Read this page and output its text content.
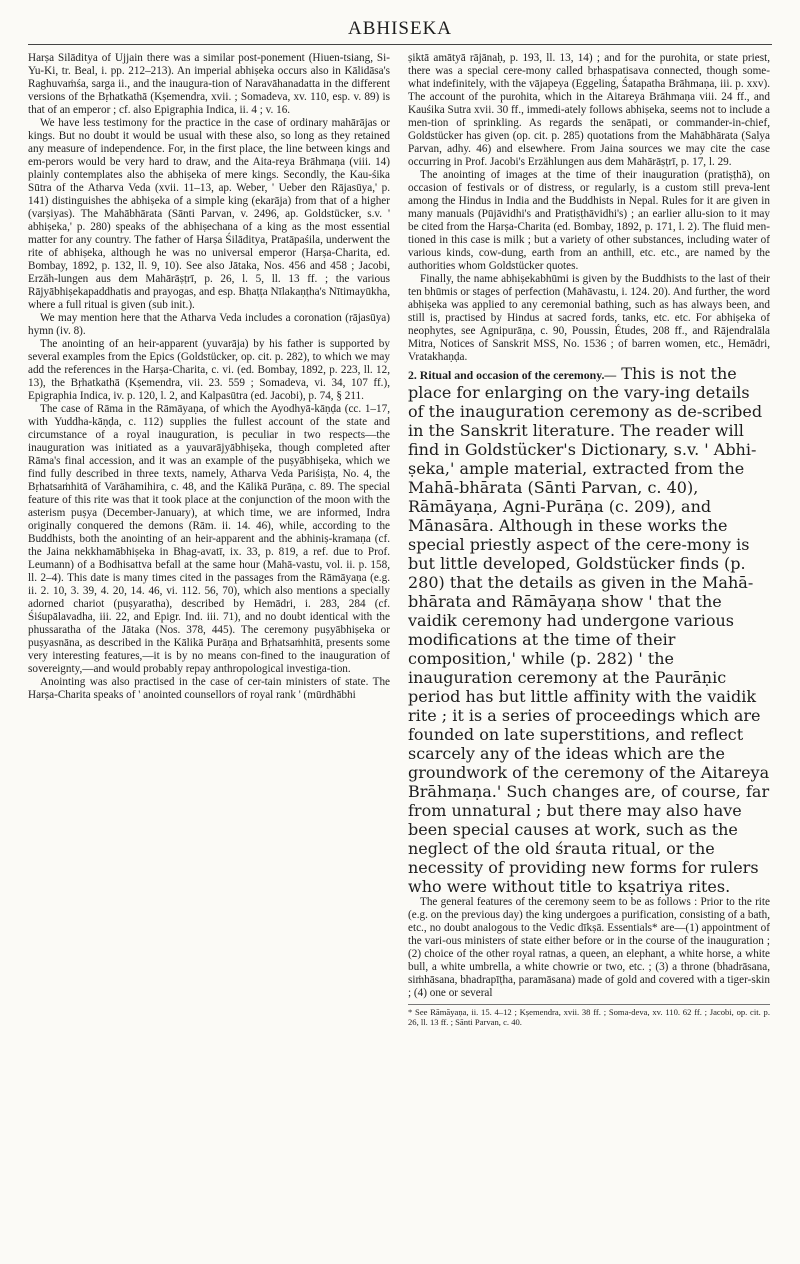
ABHISEKA

Harṣa Silāditya of Ujjain there was a similar post-ponement (Hiuen-tsiang, Si-Yu-Ki, tr. Beal, i. pp. 212–213). An imperial abhiṣeka occurs also in Kālidāsa's Raghuvaṁśa, sarga ii., and the inaugura-tion of Naravāhanadatta in the different versions of the Bṛhatkathā (Kṣemendra, xvii. ; Somadeva, xv. 110, esp. v. 89) is that of an emperor ; cf. also Epigraphia Indica, ii. 4 ; v. 16.

We have less testimony for the practice in the case of ordinary mahārājas or kings. But no doubt it would be usual with these also, so long as they retained any measure of independence. For, in the first place, the line between kings and em-perors would be very hard to draw, and the Aita-reya Brāhmaṇa (viii. 14) plainly contemplates also the abhiṣeka of mere kings. Secondly, the Kau-śika Sūtra of the Atharva Veda (xvii. 11–13, ap. Weber, ' Ueber den Rājasūya,' p. 141) distinguishes the abhiṣeka of a simple king (ekarāja) from that of a higher (varṣiyas). The Mahābhārata (Sānti Parvan, v. 2496, ap. Goldstücker, s.v. ' abhiṣeka,' p. 280) speaks of the abhiṣechana of a king as the most essential matter for any country. The father of Harṣa Śilāditya, Pratāpaśila, underwent the rite of abhiṣeka, although he was no universal emperor (Harṣa-Charita, ed. Bombay, 1892, p. 132, ll. 9, 10). See also Jātaka, Nos. 456 and 458 ; Jacobi, Erzäh-lungen aus dem Mahārāṣṭrī, p. 26, l. 5, ll. 13 ff. ; the various Rājyābhiṣekapaddhatis and prayogas, and esp. Bhaṭṭa Nīlakaṇṭha's Nītimayūkha, where a full ritual is given (sub init.).

We may mention here that the Atharva Veda includes a coronation (rājasūya) hymn (iv. 8).

The anointing of an heir-apparent (yuvarāja) by his father is supported by several examples from the Epics (Goldstücker, op. cit. p. 282), to which we may add the references in the Harṣa-Charita, c. vi. (ed. Bombay, 1892, p. 223, ll. 12, 13), the Bṛhatkathā (Kṣemendra, vii. 23. 559 ; Somadeva, vi. 34, 107 ff.), Epigraphia Indica, iv. p. 120, l. 2, and Kalpasūtra (ed. Jacobi), p. 74, § 211.

The case of Rāma in the Rāmāyaṇa, of which the Ayodhyā-kāṇḍa (cc. 1–17, with Yuddha-kāṇḍa, c. 112) supplies the fullest account of the state and circumstance of a royal inauguration, is peculiar in two respects—the inauguration was initiated as a yauvarājyābhiṣeka, though completed after Rāma's final accession, and it was an example of the puṣyābhiṣeka, which we find fully described in three texts, namely, Atharva Veda Pariśiṣṭa, No. 4, the Bṛhatsaṁhitā of Varāhamihira, c. 48, and the Kālikā Purāṇa, c. 89. The special feature of this rite was that it took place at the conjunction of the moon with the asterism puṣya (December-January), at which time, we are informed, Indra originally conquered the demons (Rām. ii. 14. 46), while, according to the Buddhists, both the anointing of an heir-apparent and the abhiniṣ-kramaṇa (cf. the Jaina nekkhamābhiṣeka in Bhag-avatī, ix. 33, p. 819, a ref. due to Prof. Leumann) of a Bodhisattva befall at the same hour (Mahā-vastu, vol. ii. p. 158, ll. 2–4). This date is many times cited in the passages from the Rāmāyaṇa (e.g. ii. 2. 10, 3. 39, 4. 20, 14. 46, vi. 112. 56, 70), which also mentions a specially adorned chariot (puṣyaratha), described by Hemādri, i. 283, 284 (cf. Śiśupālavadha, iii. 22, and Epigr. Ind. iii. 71), and no doubt identical with the phussaratha of the Jātaka (Nos. 378, 445). The ceremony puṣyābhiṣeka or puṣyasnāna, as described in the Kālikā Purāṇa and Bṛhatsaṁhitā, presents some very interesting features,—it is by no means con-fined to the inauguration of sovereignty,—and would probably repay anthropological investiga-tion.

Anointing was also practised in the case of cer-tain ministers of state. The Harṣa-Charita speaks of ' anointed counsellors of royal rank ' (mūrdhābhi

ṣiktā amātyā rājānaḥ, p. 193, ll. 13, 14) ; and for the purohita, or state priest, there was a special cere-mony called bṛhaspatisava connected, though some-what indefinitely, with the vājapeya (Eggeling, Śatapatha Brāhmaṇa, iii. p. xxv). The account of the purohita, which in the Aitareya Brāhmaṇa viii. 24 ff., and Kauśika Sutra xvii. 30 ff., immedi-ately follows abhiṣeka, seems not to include a men-tion of sprinkling. As regards the senāpati, or commander-in-chief, Goldstücker has given (op. cit. p. 285) quotations from the Mahābhārata (Salya Parvan, adhy. 46) and elsewhere. From Jaina sources we may cite the case occurring in Prof. Jacobi's Erzählungen aus dem Mahārāṣṭrī, p. 17, l. 29.

The anointing of images at the time of their inauguration (pratiṣṭhā), on occasion of festivals or of distress, or regularly, is a custom still preva-lent among the Hindus in India and the Buddhists in Nepal. Rules for it are given in many manuals (Pūjāvidhi's and Pratiṣṭhāvidhi's) ; an earlier allu-sion to it may be cited from the Harṣa-Charita (ed. Bombay, 1892, p. 171, l. 2). The fluid men-tioned in this case is milk ; but a variety of other substances, including water of various kinds, cow-dung, earth from an anthill, etc. etc., are named by the authorities whom Goldstücker quotes.

Finally, the name abhiṣekabhūmi is given by the Buddhists to the last of their ten bhūmis or stages of perfection (Mahāvastu, i. 124. 20). And further, the word abhiṣeka was applied to any ceremonial bathing, such as has always been, and still is, practised by Hindus at sacred fords, tanks, etc. etc. For abhiṣeka of neophytes, see Agnipurāṇa, c. 90, Poussin, Études, 208 ff., and Rājendralāla Mitra, Notices of Sanskrit MSS, No. 1536 ; of barren women, etc., Hemādri, Vratakhaṇḍa.

2. Ritual and occasion of the ceremony.— This is not the place for enlarging on the vary-ing details of the inauguration ceremony as de-scribed in the Sanskrit literature. The reader will find in Goldstücker's Dictionary, s.v. ' Abhi-ṣeka,' ample material, extracted from the Mahā-bhārata (Sānti Parvan, c. 40), Rāmāyaṇa, Agni-Purāṇa (c. 209), and Mānasāra. Although in these works the special priestly aspect of the cere-mony is but little developed, Goldstücker finds (p. 280) that the details as given in the Mahā-bhārata and Rāmāyaṇa show ' that the vaidik ceremony had undergone various modifications at the time of their composition,' while (p. 282) ' the inauguration ceremony at the Paurāṇic period has but little affinity with the vaidik rite ; it is a series of proceedings which are founded on late superstitions, and reflect scarcely any of the ideas which are the groundwork of the ceremony of the Aitareya Brāhmaṇa.' Such changes are, of course, far from unnatural ; but there may also have been special causes at work, such as the neglect of the old śrauta ritual, or the necessity of providing new forms for rulers who were without title to kṣatriya rites.

The general features of the ceremony seem to be as follows : Prior to the rite (e.g. on the previous day) the king undergoes a purification, consisting of a bath, etc., no doubt analogous to the Vedic dīkṣā. Essentials* are—(1) appointment of the vari-ous ministers of state either before or in the course of the inauguration ; (2) choice of the other royal ratnas, a queen, an elephant, a white horse, a white bull, a white umbrella, a white chowrie or two, etc. ; (3) a throne (bhadrāsana, siṁhāsana, bhadrapīṭha, paramāsana) made of gold and covered with a tiger-skin ; (4) one or several

* See Rāmāyaṇa, ii. 15. 4–12 ; Kṣemendra, xvii. 38 ff. ; Soma-deva, xv. 110. 62 ff. ; Jacobi, op. cit. p. 26, ll. 13 ff. ; Sānti Parvan, c. 40.
